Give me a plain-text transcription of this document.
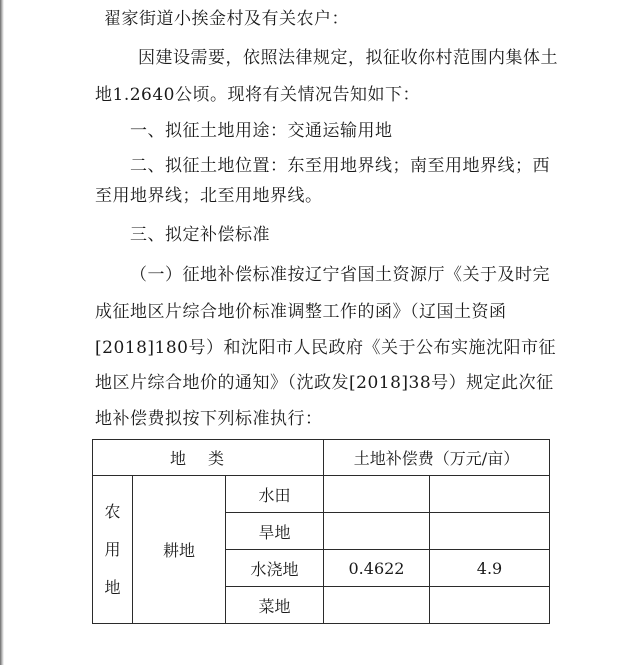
翟家街道小挨金村及有关农户：
因建设需要，依照法律规定，拟征收你村范围内集体土
地1.2640公顷。现将有关情况告知如下：
一、拟征土地用途：交通运输用地
二、拟征土地位置：东至用地界线；南至用地界线；西
至用地界线；北至用地界线。
三、拟定补偿标准
（一）征地补偿标准按辽宁省国土资源厅《关于及时完
成征地区片综合地价标准调整工作的函》（辽国土资函
[2018]180号）和沈阳市人民政府《关于公布实施沈阳市征
地区片综合地价的通知》（沈政发[2018]38号）规定此次征
地补偿费拟按下列标准执行：
地类			土地补偿费（万元/亩）	
农
用
地	耕地	水田		
		旱地		
		水浇地	0.4622	4.9
		菜地		
